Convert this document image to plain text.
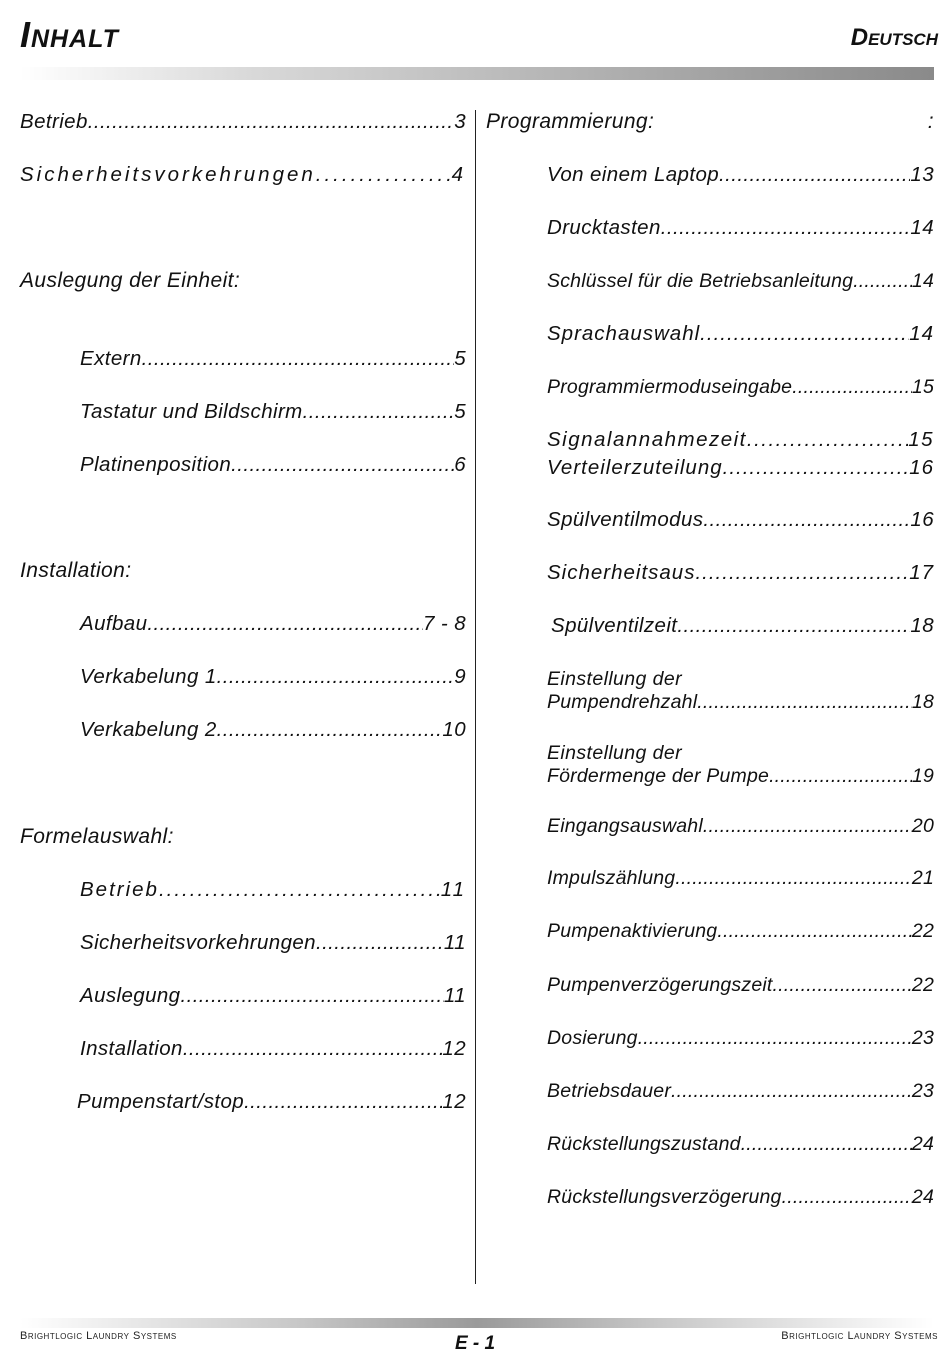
Inhalt	Deutsch
Betrieb .....	3
Sicherheitsvorkehrungen .....	4
Auslegung der Einheit:
Extern .....	5
Tastatur und Bildschirm .....	5
Platinenposition .....	6
Installation:
Aufbau .....	7 - 8
Verkabelung 1 .....	9
Verkabelung 2 .....	10
Formelauswahl:
Betrieb .....	11
Sicherheitsvorkehrungen .....	11
Auslegung .....	11
Installation .....	12
Pumpenstart/stop .....	12
Programmierung:	:
Von einem Laptop .....	13
Drucktasten .....	14
Schlüssel für die Betriebsanleitung .....	14
Sprachauswahl .....	14
Programmiermoduseingabe .....	15
Signalannahmezeit .....	15
Verteilerzuteilung .....	16
Spülventilmodus .....	16
Sicherheitsaus .....	17
Spülventilzeit .....	18
Einstellung der
Pumpendrehzahl .....	18
Einstellung der
Fördermenge der Pumpe .....	19
Eingangsauswahl .....	20
Impulszählung .....	21
Pumpenaktivierung .....	22
Pumpenverzögerungszeit .....	22
Dosierung .....	23
Betriebsdauer .....	23
Rückstellungszustand .....	24
Rückstellungsverzögerung .....	24
Brightlogic Laundry Systems	E - 1	Brightlogic Laundry Systems
